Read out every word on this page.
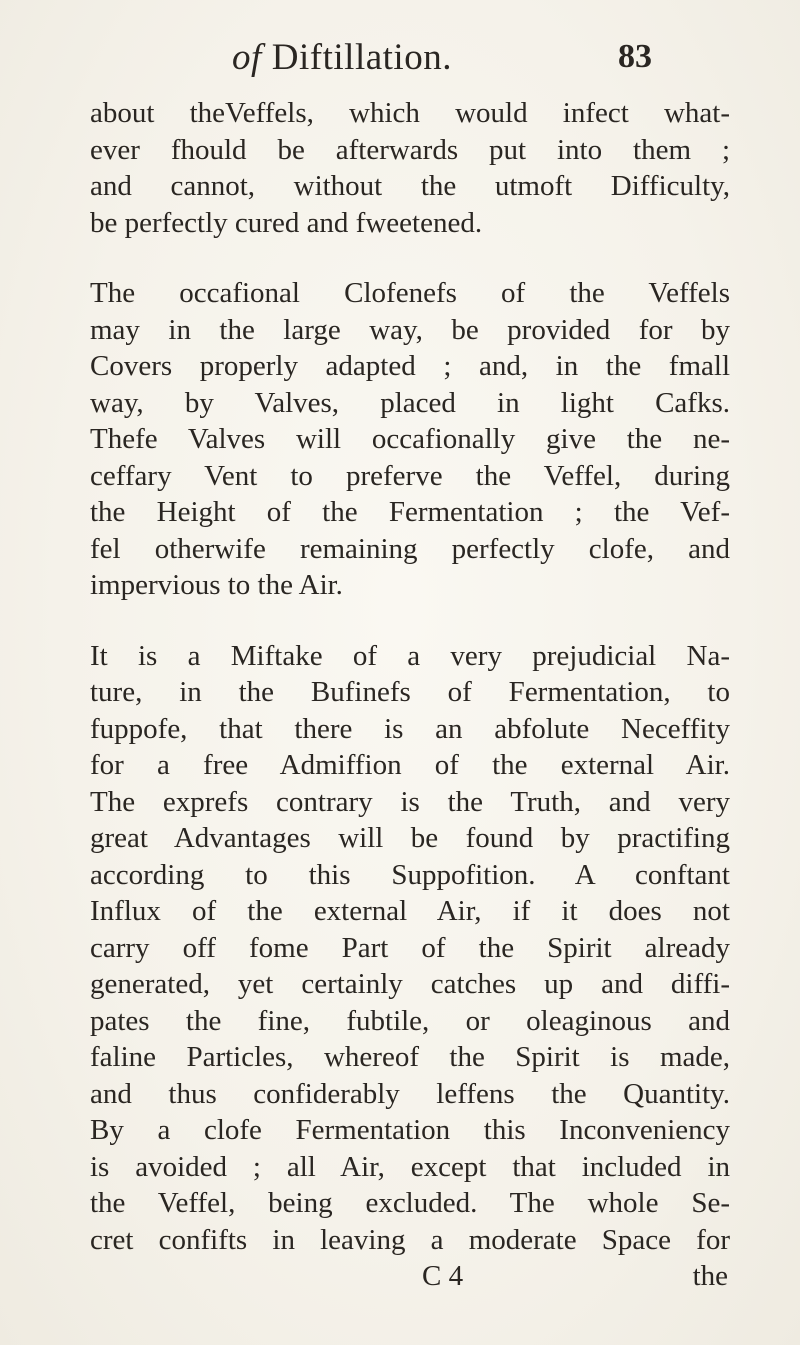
of Diftillation.	83
about theVeffels, which would infect what-
ever fhould be afterwards put into them ;
and cannot, without the utmoft Difficulty,
be perfectly cured and fweetened.
The occafional Clofenefs of the Veffels
may in the large way, be provided for by
Covers properly adapted ; and, in the fmall
way, by Valves, placed in light Cafks.
Thefe Valves will occafionally give the ne-
ceffary Vent to preferve the Veffel, during
the Height of the Fermentation ; the Vef-
fel otherwife remaining perfectly clofe, and
impervious to the Air.
It is a Miftake of a very prejudicial Na-
ture, in the Bufinefs of Fermentation, to
fuppofe, that there is an abfolute Neceffity
for a free Admiffion of the external Air.
The exprefs contrary is the Truth, and very
great Advantages will be found by practifing
according to this Suppofition. A conftant
Influx of the external Air, if it does not
carry off fome Part of the Spirit already
generated, yet certainly catches up and diffi-
pates the fine, fubtile, or oleaginous and
faline Particles, whereof the Spirit is made,
and thus confiderably leffens the Quantity.
By a clofe Fermentation this Inconveniency
is avoided ; all Air, except that included in
the Veffel, being excluded. The whole Se-
cret confifts in leaving a moderate Space for
C 4	the
